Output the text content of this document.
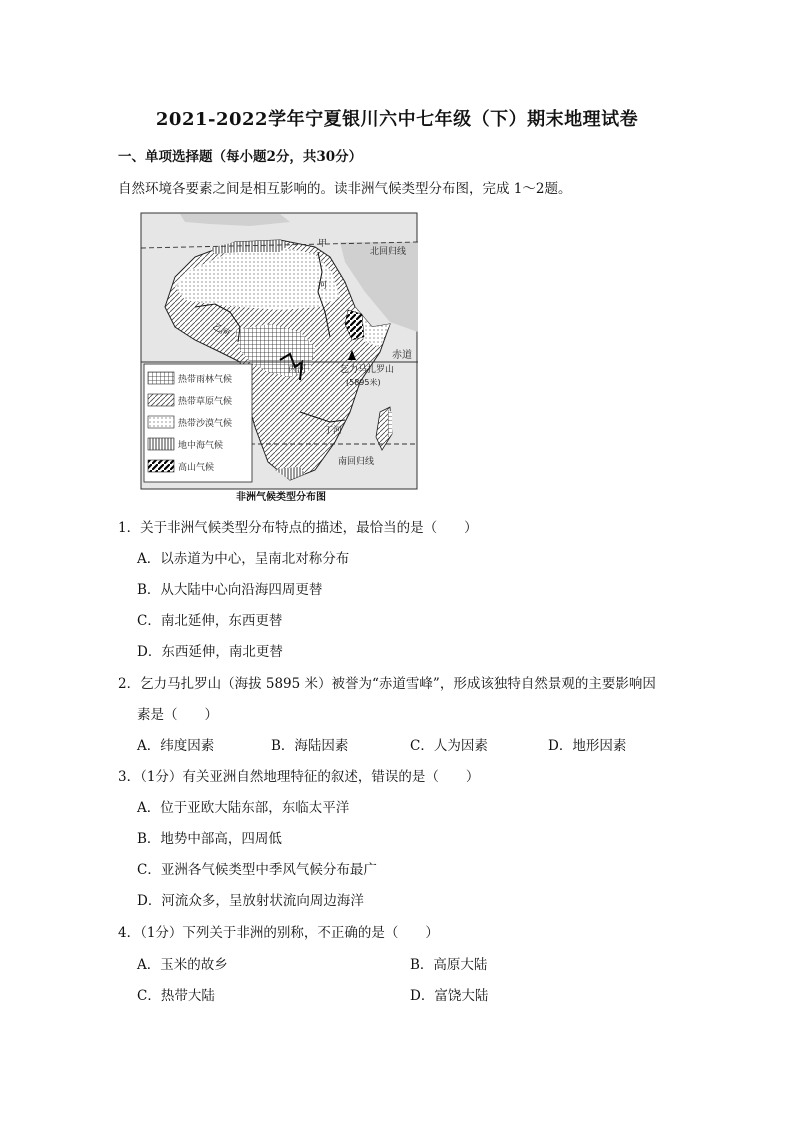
2021-2022学年宁夏银川六中七年级（下）期末地理试卷
一、单项选择题（每小题2分，共30分）
自然环境各要素之间是相互影响的。读非洲气候类型分布图，完成 1～2题。
甲
河
乙河
丙河
丁河
北回归线
赤道
南回归线
乞力马扎罗山
(5895米)
热带雨林气候
热带草原气候
热带沙漠气候
地中海气候
高山气候
非洲气候类型分布图
1．关于非洲气候类型分布特点的描述，最恰当的是（　　）
A．以赤道为中心，呈南北对称分布
B．从大陆中心向沿海四周更替
C．南北延伸，东西更替
D．东西延伸，南北更替
2．乞力马扎罗山（海拔 5895 米）被誉为“赤道雪峰”，形成该独特自然景观的主要影响因
素是（　　）
A．纬度因素	B．海陆因素	C．人为因素	D．地形因素
3．（1分）有关亚洲自然地理特征的叙述，错误的是（　　）
A．位于亚欧大陆东部，东临太平洋
B．地势中部高，四周低
C．亚洲各气候类型中季风气候分布最广
D．河流众多，呈放射状流向周边海洋
4．（1分）下列关于非洲的别称，不正确的是（　　）
A．玉米的故乡	B．高原大陆
C．热带大陆	D．富饶大陆
